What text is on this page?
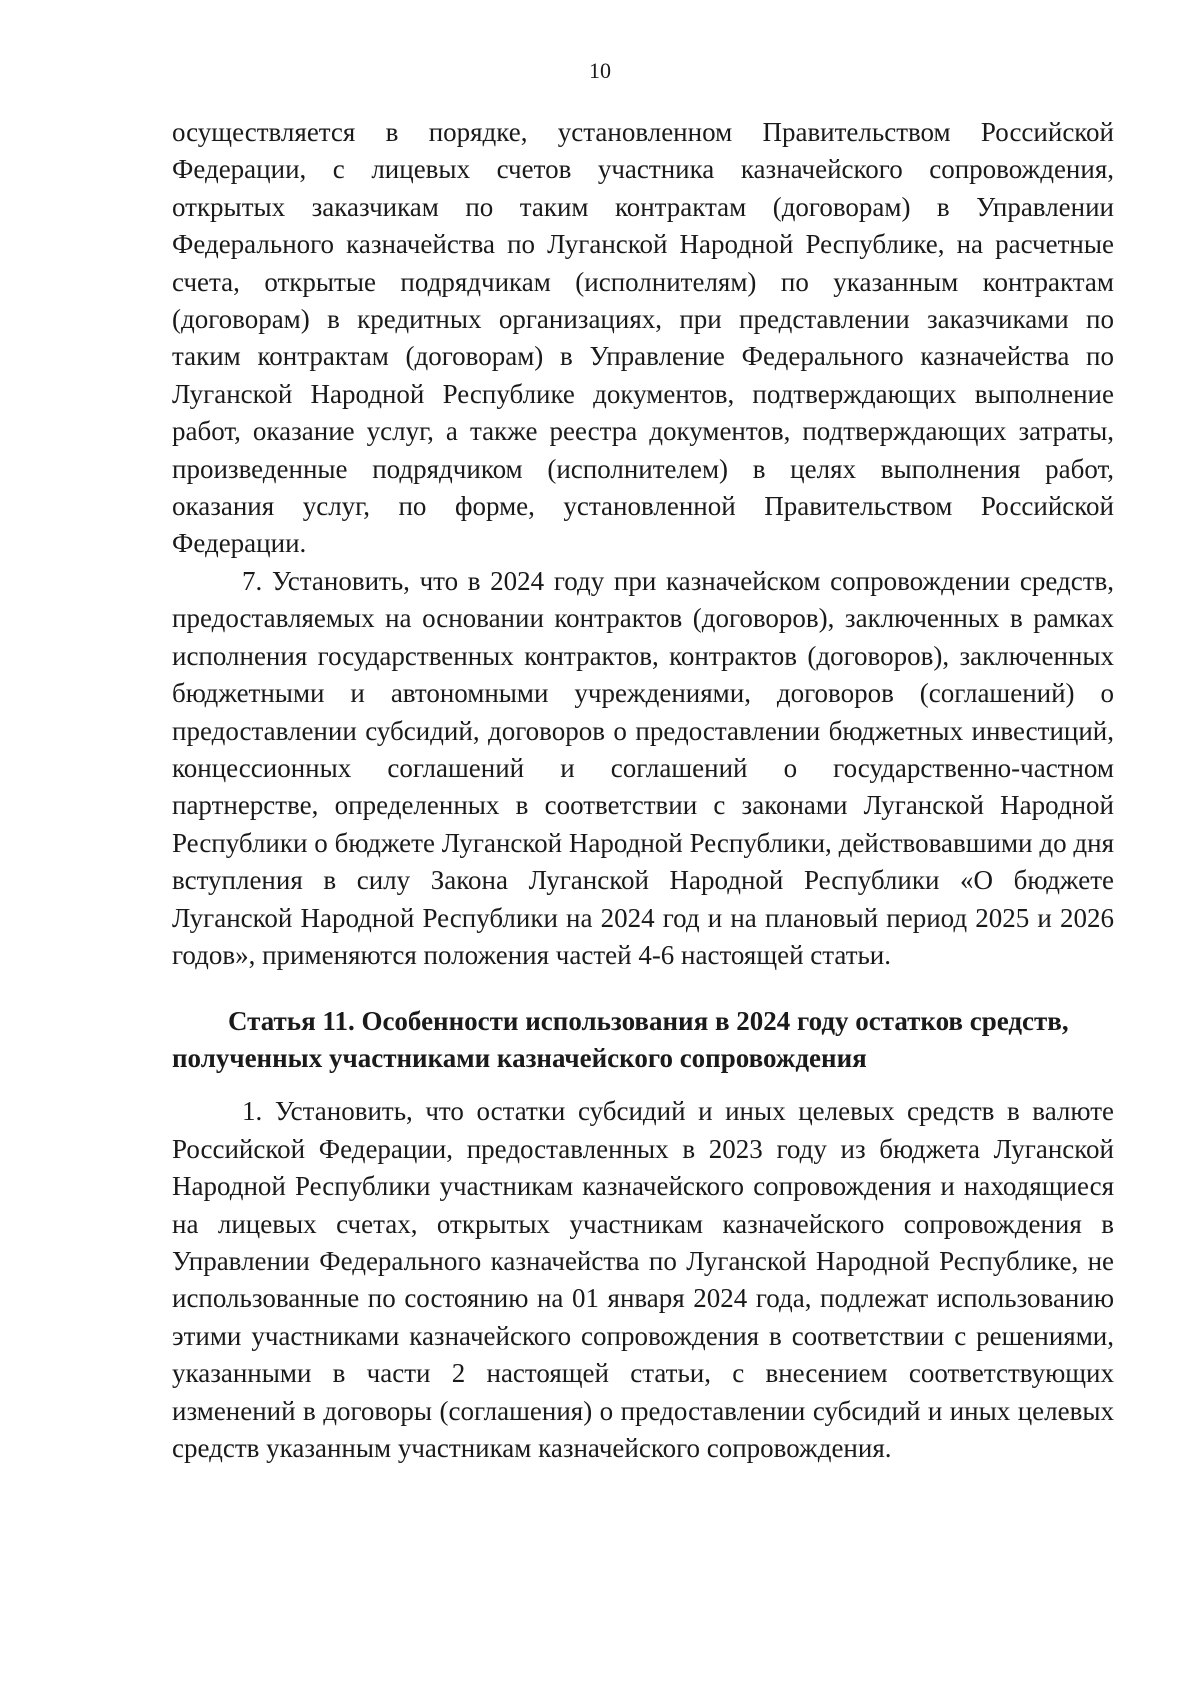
10

осуществляется в порядке, установленном Правительством Российской Федерации, с лицевых счетов участника казначейского сопровождения, открытых заказчикам по таким контрактам (договорам) в Управлении Федерального казначейства по Луганской Народной Республике, на расчетные счета, открытые подрядчикам (исполнителям) по указанным контрактам (договорам) в кредитных организациях, при представлении заказчиками по таким контрактам (договорам) в Управление Федерального казначейства по Луганской Народной Республике документов, подтверждающих выполнение работ, оказание услуг, а также реестра документов, подтверждающих затраты, произведенные подрядчиком (исполнителем) в целях выполнения работ, оказания услуг, по форме, установленной Правительством Российской Федерации.

7. Установить, что в 2024 году при казначейском сопровождении средств, предоставляемых на основании контрактов (договоров), заключенных в рамках исполнения государственных контрактов, контрактов (договоров), заключенных бюджетными и автономными учреждениями, договоров (соглашений) о предоставлении субсидий, договоров о предоставлении бюджетных инвестиций, концессионных соглашений и соглашений о государственно-частном партнерстве, определенных в соответствии с законами Луганской Народной Республики о бюджете Луганской Народной Республики, действовавшими до дня вступления в силу Закона Луганской Народной Республики «О бюджете Луганской Народной Республики на 2024 год и на плановый период 2025 и 2026 годов», применяются положения частей 4-6 настоящей статьи.

Статья 11. Особенности использования в 2024 году остатков средств, полученных участниками казначейского сопровождения

1. Установить, что остатки субсидий и иных целевых средств в валюте Российской Федерации, предоставленных в 2023 году из бюджета Луганской Народной Республики участникам казначейского сопровождения и находящиеся на лицевых счетах, открытых участникам казначейского сопровождения в Управлении Федерального казначейства по Луганской Народной Республике, не использованные по состоянию на 01 января 2024 года, подлежат использованию этими участниками казначейского сопровождения в соответствии с решениями, указанными в части 2 настоящей статьи, с внесением соответствующих изменений в договоры (соглашения) о предоставлении субсидий и иных целевых средств указанным участникам казначейского сопровождения.
